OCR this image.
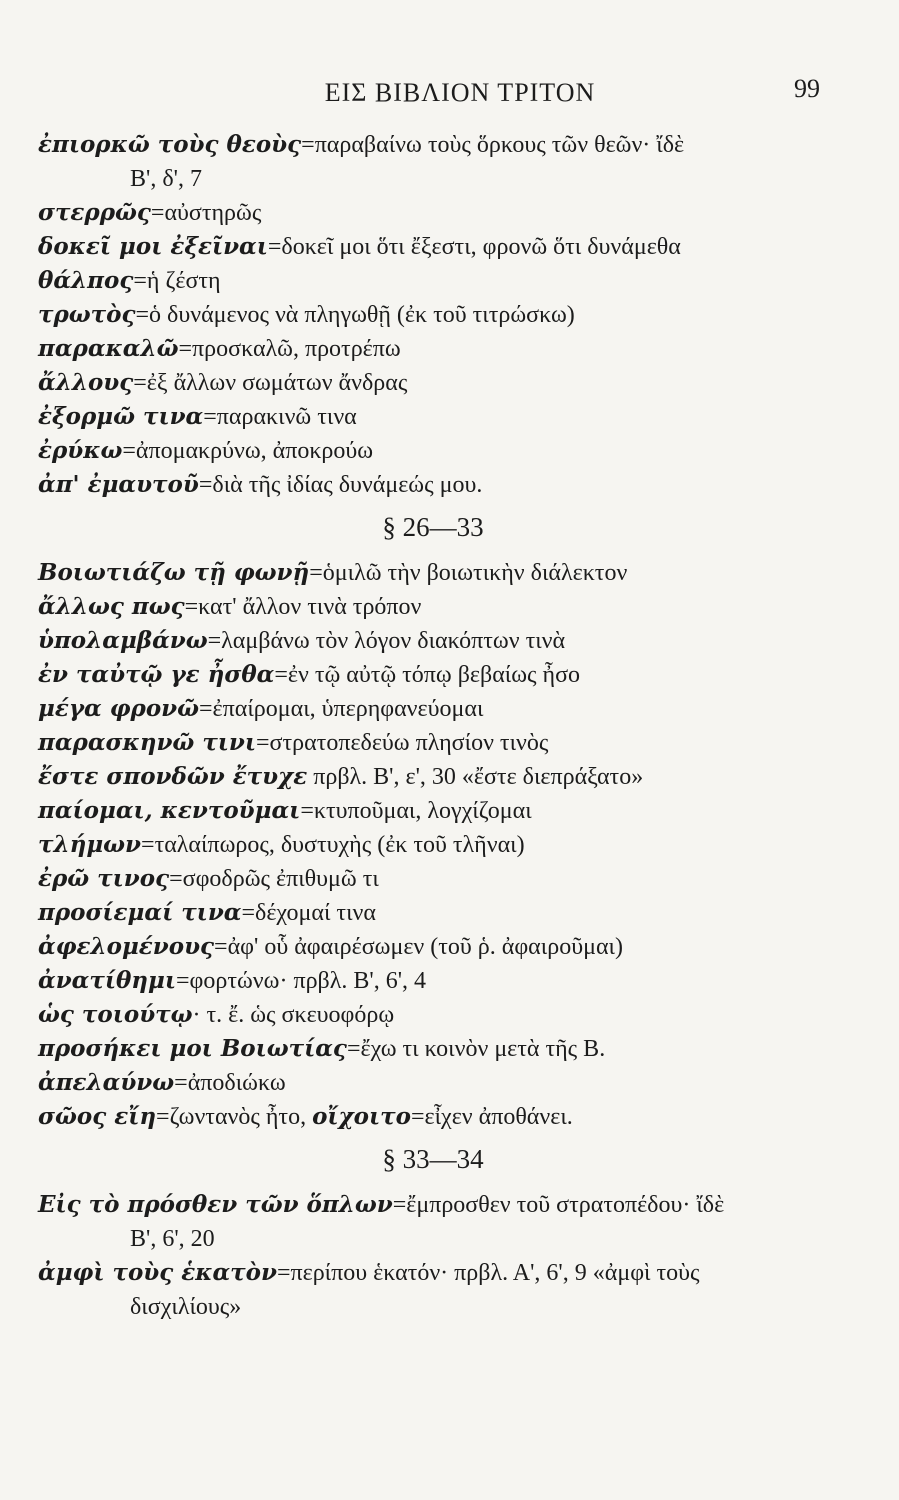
ΕΙΣ ΒΙΒΛΙΟΝ ΤΡΙΤΟΝ	99

ἐπιορκῶ τοὺς θεοὺς=παραβαίνω τοὺς ὅρκους τῶν θεῶν· ἴδὲ
Β', δ', 7

στερρῶς=αὐστηρῶς

δοκεῖ μοι ἐξεῖναι=δοκεῖ μοι ὅτι ἔξεστι, φρονῶ ὅτι δυνάμεθα

θάλπος=ἡ ζέστη

τρωτὸς=ὁ δυνάμενος νὰ πληγωθῇ (ἐκ τοῦ τιτρώσκω)

παρακαλῶ=προσκαλῶ, προτρέπω

ἄλλους=ἐξ ἄλλων σωμάτων ἄνδρας

ἐξορμῶ τινα=παρακινῶ τινα

ἐρύκω=ἀπομακρύνω, ἀποκρούω

ἀπ' ἐμαυτοῦ=διὰ τῆς ἰδίας δυνάμεώς μου.

§ 26—33

Βοιωτιάζω τῇ φωνῇ=ὁμιλῶ τὴν βοιωτικὴν διάλεκτον

ἄλλως πως=κατ' ἄλλον τινὰ τρόπον

ὑπολαμβάνω=λαμβάνω τὸν λόγον διακόπτων τινὰ

ἐν ταὐτῷ γε ἦσθα=ἐν τῷ αὐτῷ τόπῳ βεβαίως ἦσο

μέγα φρονῶ=ἐπαίρομαι, ὑπερηφανεύομαι

παρασκηνῶ τινι=στρατοπεδεύω πλησίον τινὸς

ἔστε σπονδῶν ἔτυχε πρβλ. Β', ε', 30 «ἔστε διεπράξατο»

παίομαι, κεντοῦμαι=κτυποῦμαι, λογχίζομαι

τλήμων=ταλαίπωρος, δυστυχὴς (ἐκ τοῦ τλῆναι)

ἐρῶ τινος=σφοδρῶς ἐπιθυμῶ τι

προσίεμαί τινα=δέχομαί τινα

ἀφελομένους=ἀφ' οὗ ἀφαιρέσωμεν (τοῦ ῥ. ἀφαιροῦμαι)

ἀνατίθημι=φορτώνω· πρβλ. Β', 6', 4

ὡς τοιούτῳ· τ. ἔ. ὡς σκευοφόρῳ

προσήκει μοι Βοιωτίας=ἔχω τι κοινὸν μετὰ τῆς Β.

ἀπελαύνω=ἀποδιώκω

σῶος εἴη=ζωντανὸς ἦτο, οἴχοιτο=εἶχεν ἀποθάνει.

§ 33—34

Εἰς τὸ πρόσθεν τῶν ὅπλων=ἔμπροσθεν τοῦ στρατοπέδου· ἴδὲ
Β', 6', 20

ἀμφὶ τοὺς ἑκατὸν=περίπου ἑκατόν· πρβλ. Α', 6', 9 «ἀμφὶ τοὺς
δισχιλίους»
